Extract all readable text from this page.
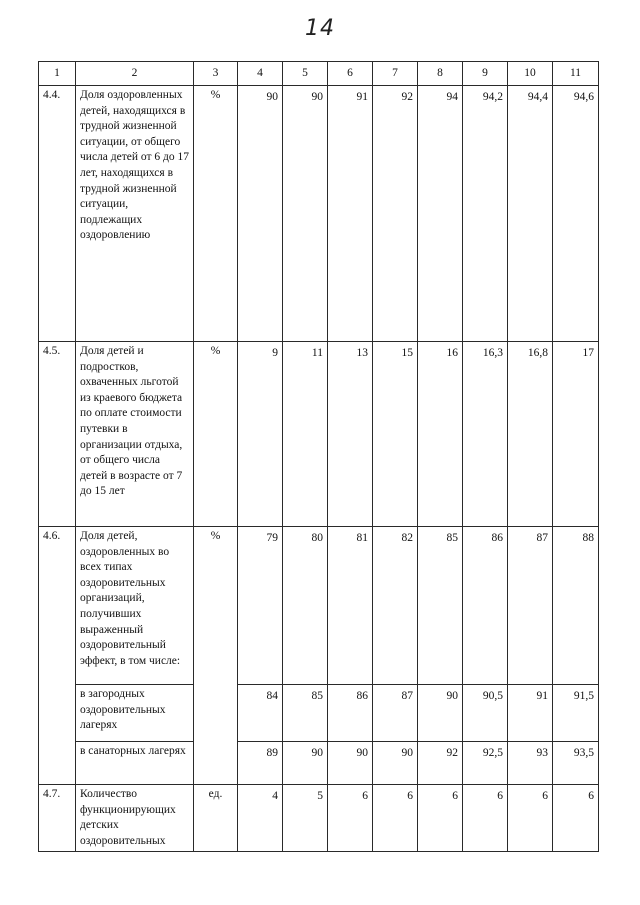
14
1	2	3	4	5	6	7	8	9	10	11
4.4.	Доля оздоровленных детей, находящихся в трудной жизненной ситуации, от общего числа детей от 6 до 17 лет, находящихся в трудной жизненной ситуации, подлежащих оздоровлению	%	90	90	91	92	94	94,2	94,4	94,6
4.5.	Доля детей и подростков, охваченных льготой из краевого бюджета по оплате стоимости путевки в организации отдыха, от общего числа детей в возрасте от 7 до 15 лет	%	9	11	13	15	16	16,3	16,8	17
4.6.	Доля детей, оздоровленных во всех типах оздоровительных организаций, получивших выраженный оздоровительный эффект, в том числе:	%	79	80	81	82	85	86	87	88
	в загородных оздоровительных лагерях		84	85	86	87	90	90,5	91	91,5
	в санаторных лагерях		89	90	90	90	92	92,5	93	93,5
4.7.	Количество функционирующих детских оздоровительных	ед.	4	5	6	6	6	6	6	6
